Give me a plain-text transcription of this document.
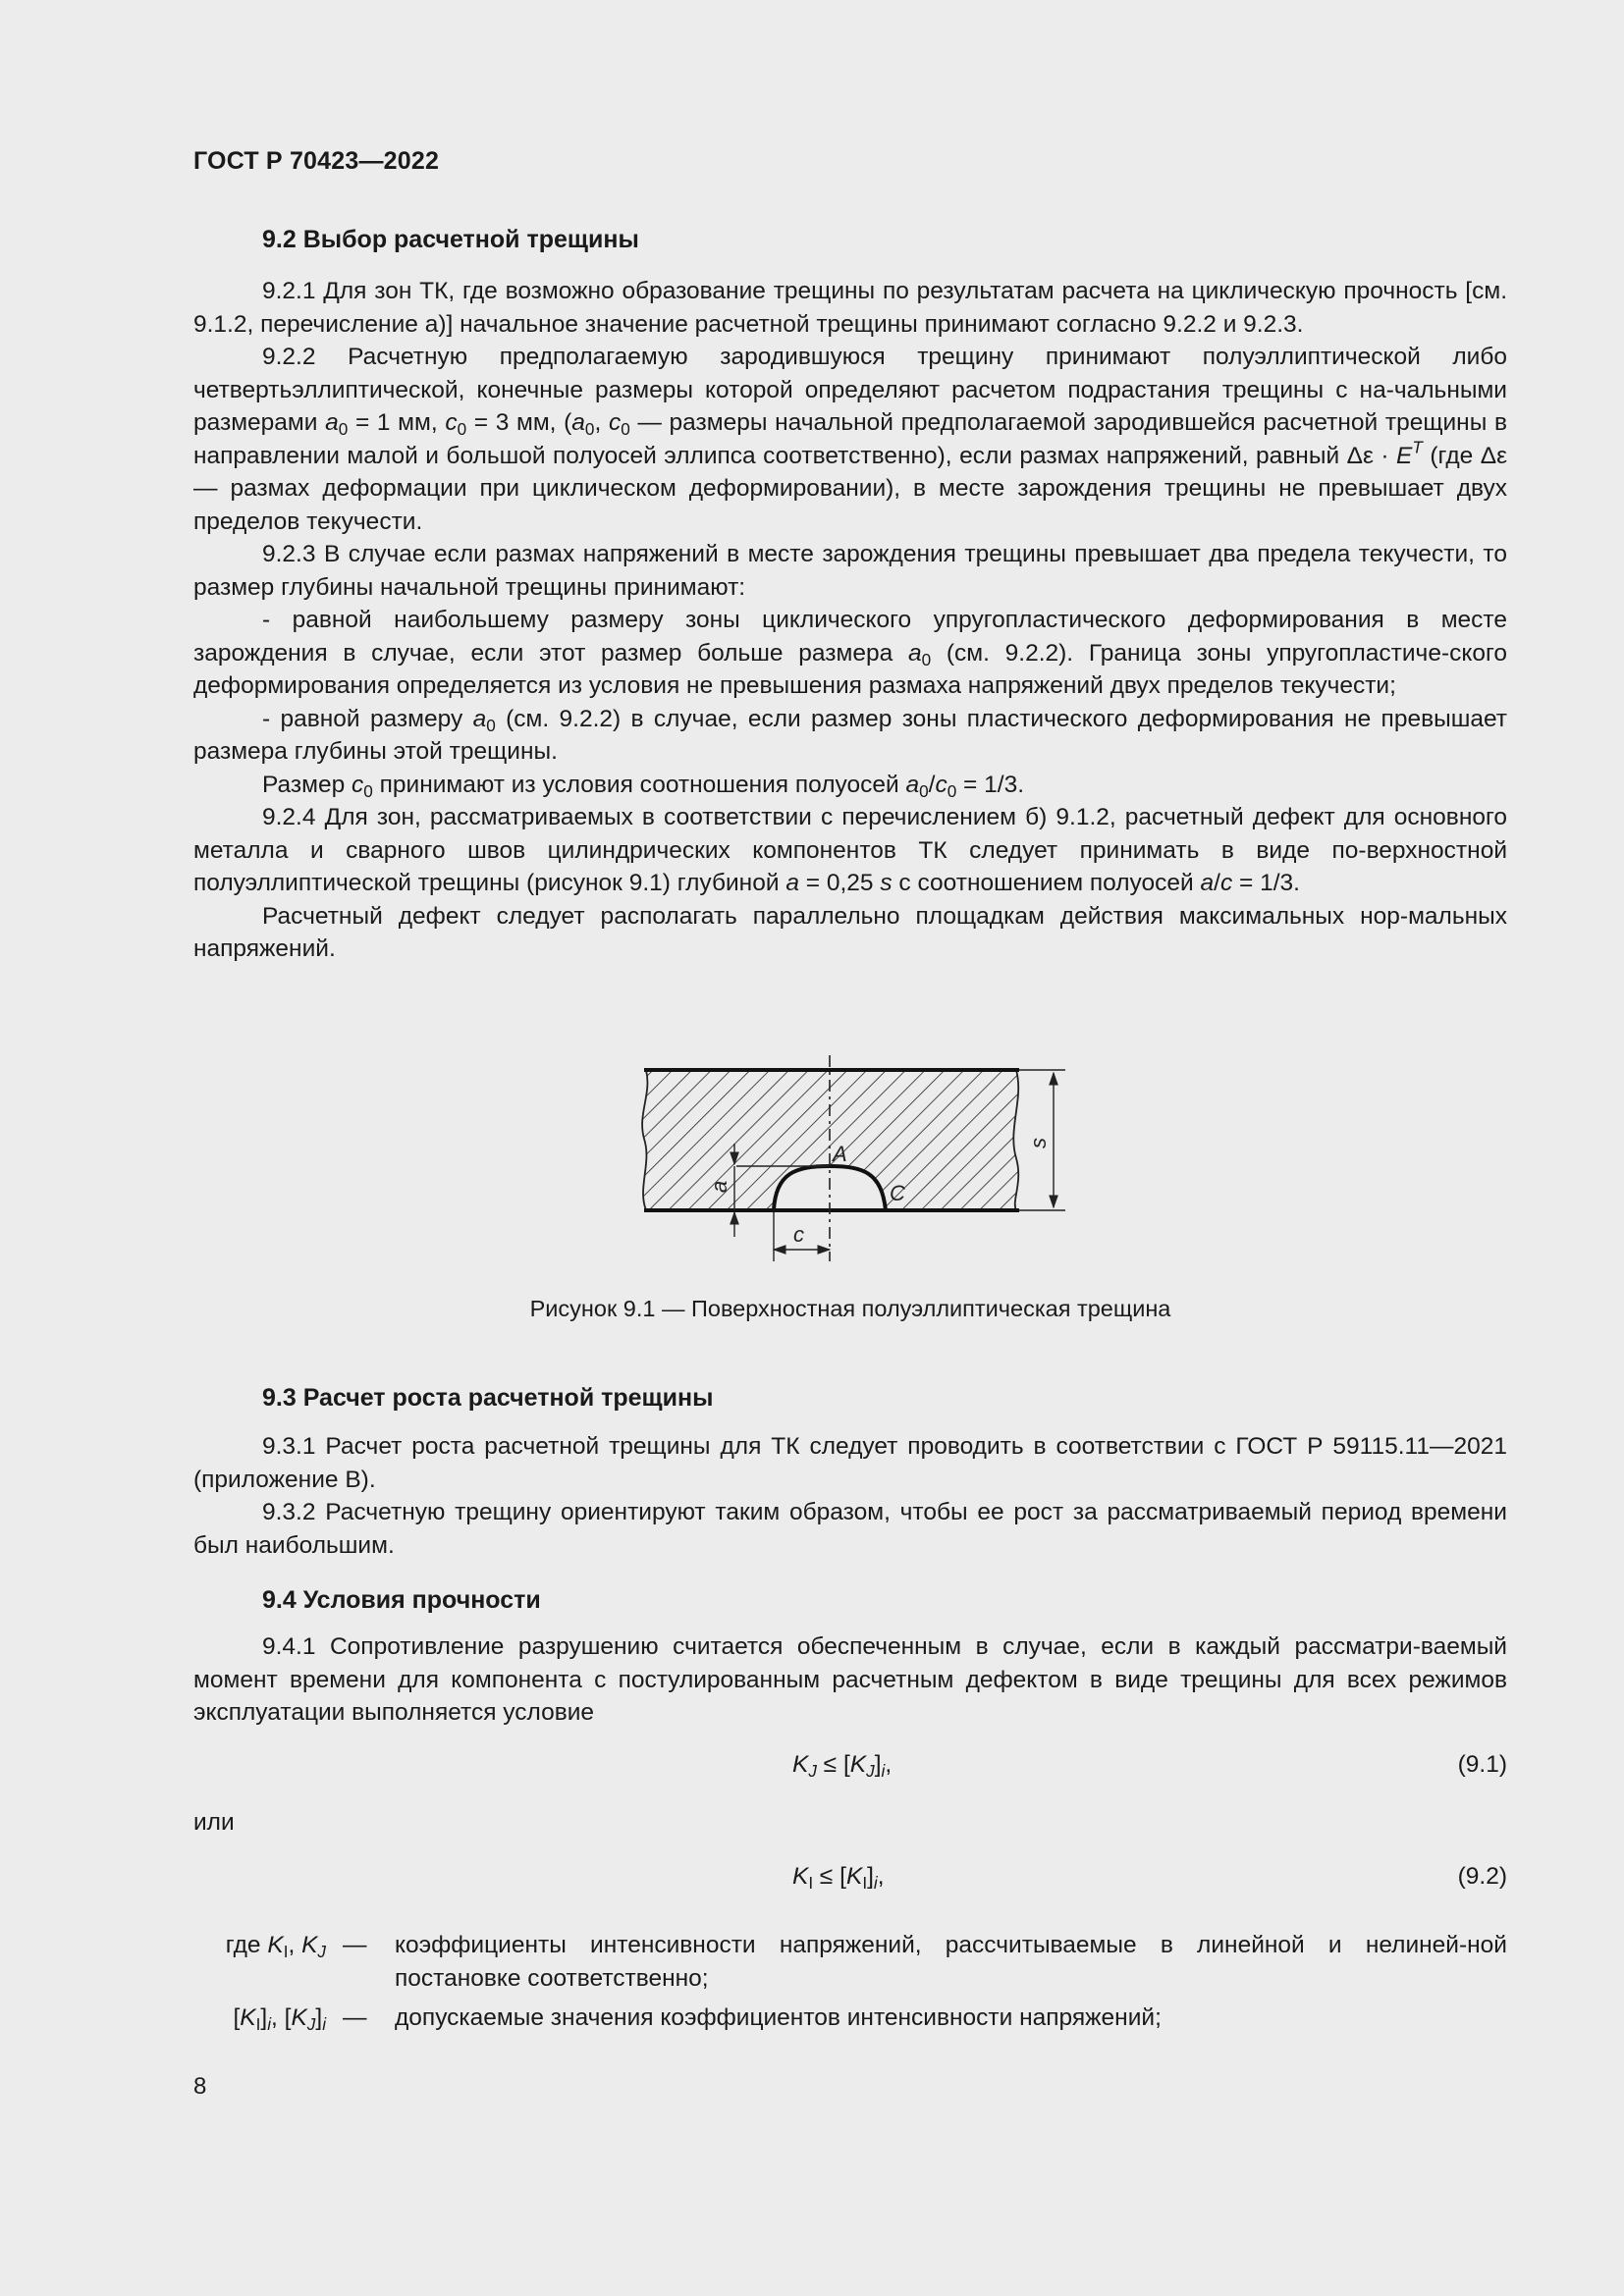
ГОСТ Р 70423—2022
9.2 Выбор расчетной трещины

9.2.1 Для зон ТК, где возможно образование трещины по результатам расчета на циклическую прочность [см. 9.1.2, перечисление а)] начальное значение расчетной трещины принимают согласно 9.2.2 и 9.2.3.

9.2.2 Расчетную предполагаемую зародившуюся трещину принимают полуэллиптической либо четвертьэллиптической, конечные размеры которой определяют расчетом подрастания трещины с на-чальными размерами $a_0 = 1$ мм, $c_0 = 3$ мм, ($a_0$, $c_0$ — размеры начальной предполагаемой зародившейся расчетной трещины в направлении малой и большой полуосей эллипса соответственно), если размах напряжений, равный $\Delta\varepsilon \cdot E^T$ (где Δε — размах деформации при циклическом деформировании), в месте зарождения трещины не превышает двух пределов текучести.

9.2.3 В случае если размах напряжений в месте зарождения трещины превышает два предела текучести, то размер глубины начальной трещины принимают:

- равной наибольшему размеру зоны циклического упругопластического деформирования в месте зарождения в случае, если этот размер больше размера $a_0$ (см. 9.2.2). Граница зоны упругопластиче-ского деформирования определяется из условия не превышения размаха напряжений двух пределов текучести;

- равной размеру $a_0$ (см. 9.2.2) в случае, если размер зоны пластического деформирования не превышает размера глубины этой трещины.

Размер $c_0$ принимают из условия соотношения полуосей $a_0/c_0 = 1/3$.

9.2.4 Для зон, рассматриваемых в соответствии с перечислением б) 9.1.2, расчетный дефект для основного металла и сварного швов цилиндрических компонентов ТК следует принимать в виде по-верхностной полуэллиптической трещины (рисунок 9.1) глубиной a = 0,25 s с соотношением полуосей a/c = 1/3.

Расчетный дефект следует располагать параллельно площадкам действия максимальных нор-мальных напряжений.

a
c
s
A
C
Рисунок 9.1 — Поверхностная полуэллиптическая трещина
9.3 Расчет роста расчетной трещины

9.3.1 Расчет роста расчетной трещины для ТК следует проводить в соответствии с ГОСТ Р 59115.11—2021 (приложение В).

9.3.2 Расчетную трещину ориентируют таким образом, чтобы ее рост за рассматриваемый период времени был наибольшим.

9.4 Условия прочности

9.4.1 Сопротивление разрушению считается обеспеченным в случае, если в каждый рассматри-ваемый момент времени для компонента с постулированным расчетным дефектом в виде трещины для всех режимов эксплуатации выполняется условие

$K_J \le [K_J]_i$,	(9.1)
или
$K_I \le [K_I]_i$,	(9.2)
где $K_I$, $K_J$ — коэффициенты интенсивности напряжений, рассчитываемые в линейной и нелиней-ной постановке соответственно;
$[K_I]_i$, $[K_J]_i$ — допускаемые значения коэффициентов интенсивности напряжений;
8
